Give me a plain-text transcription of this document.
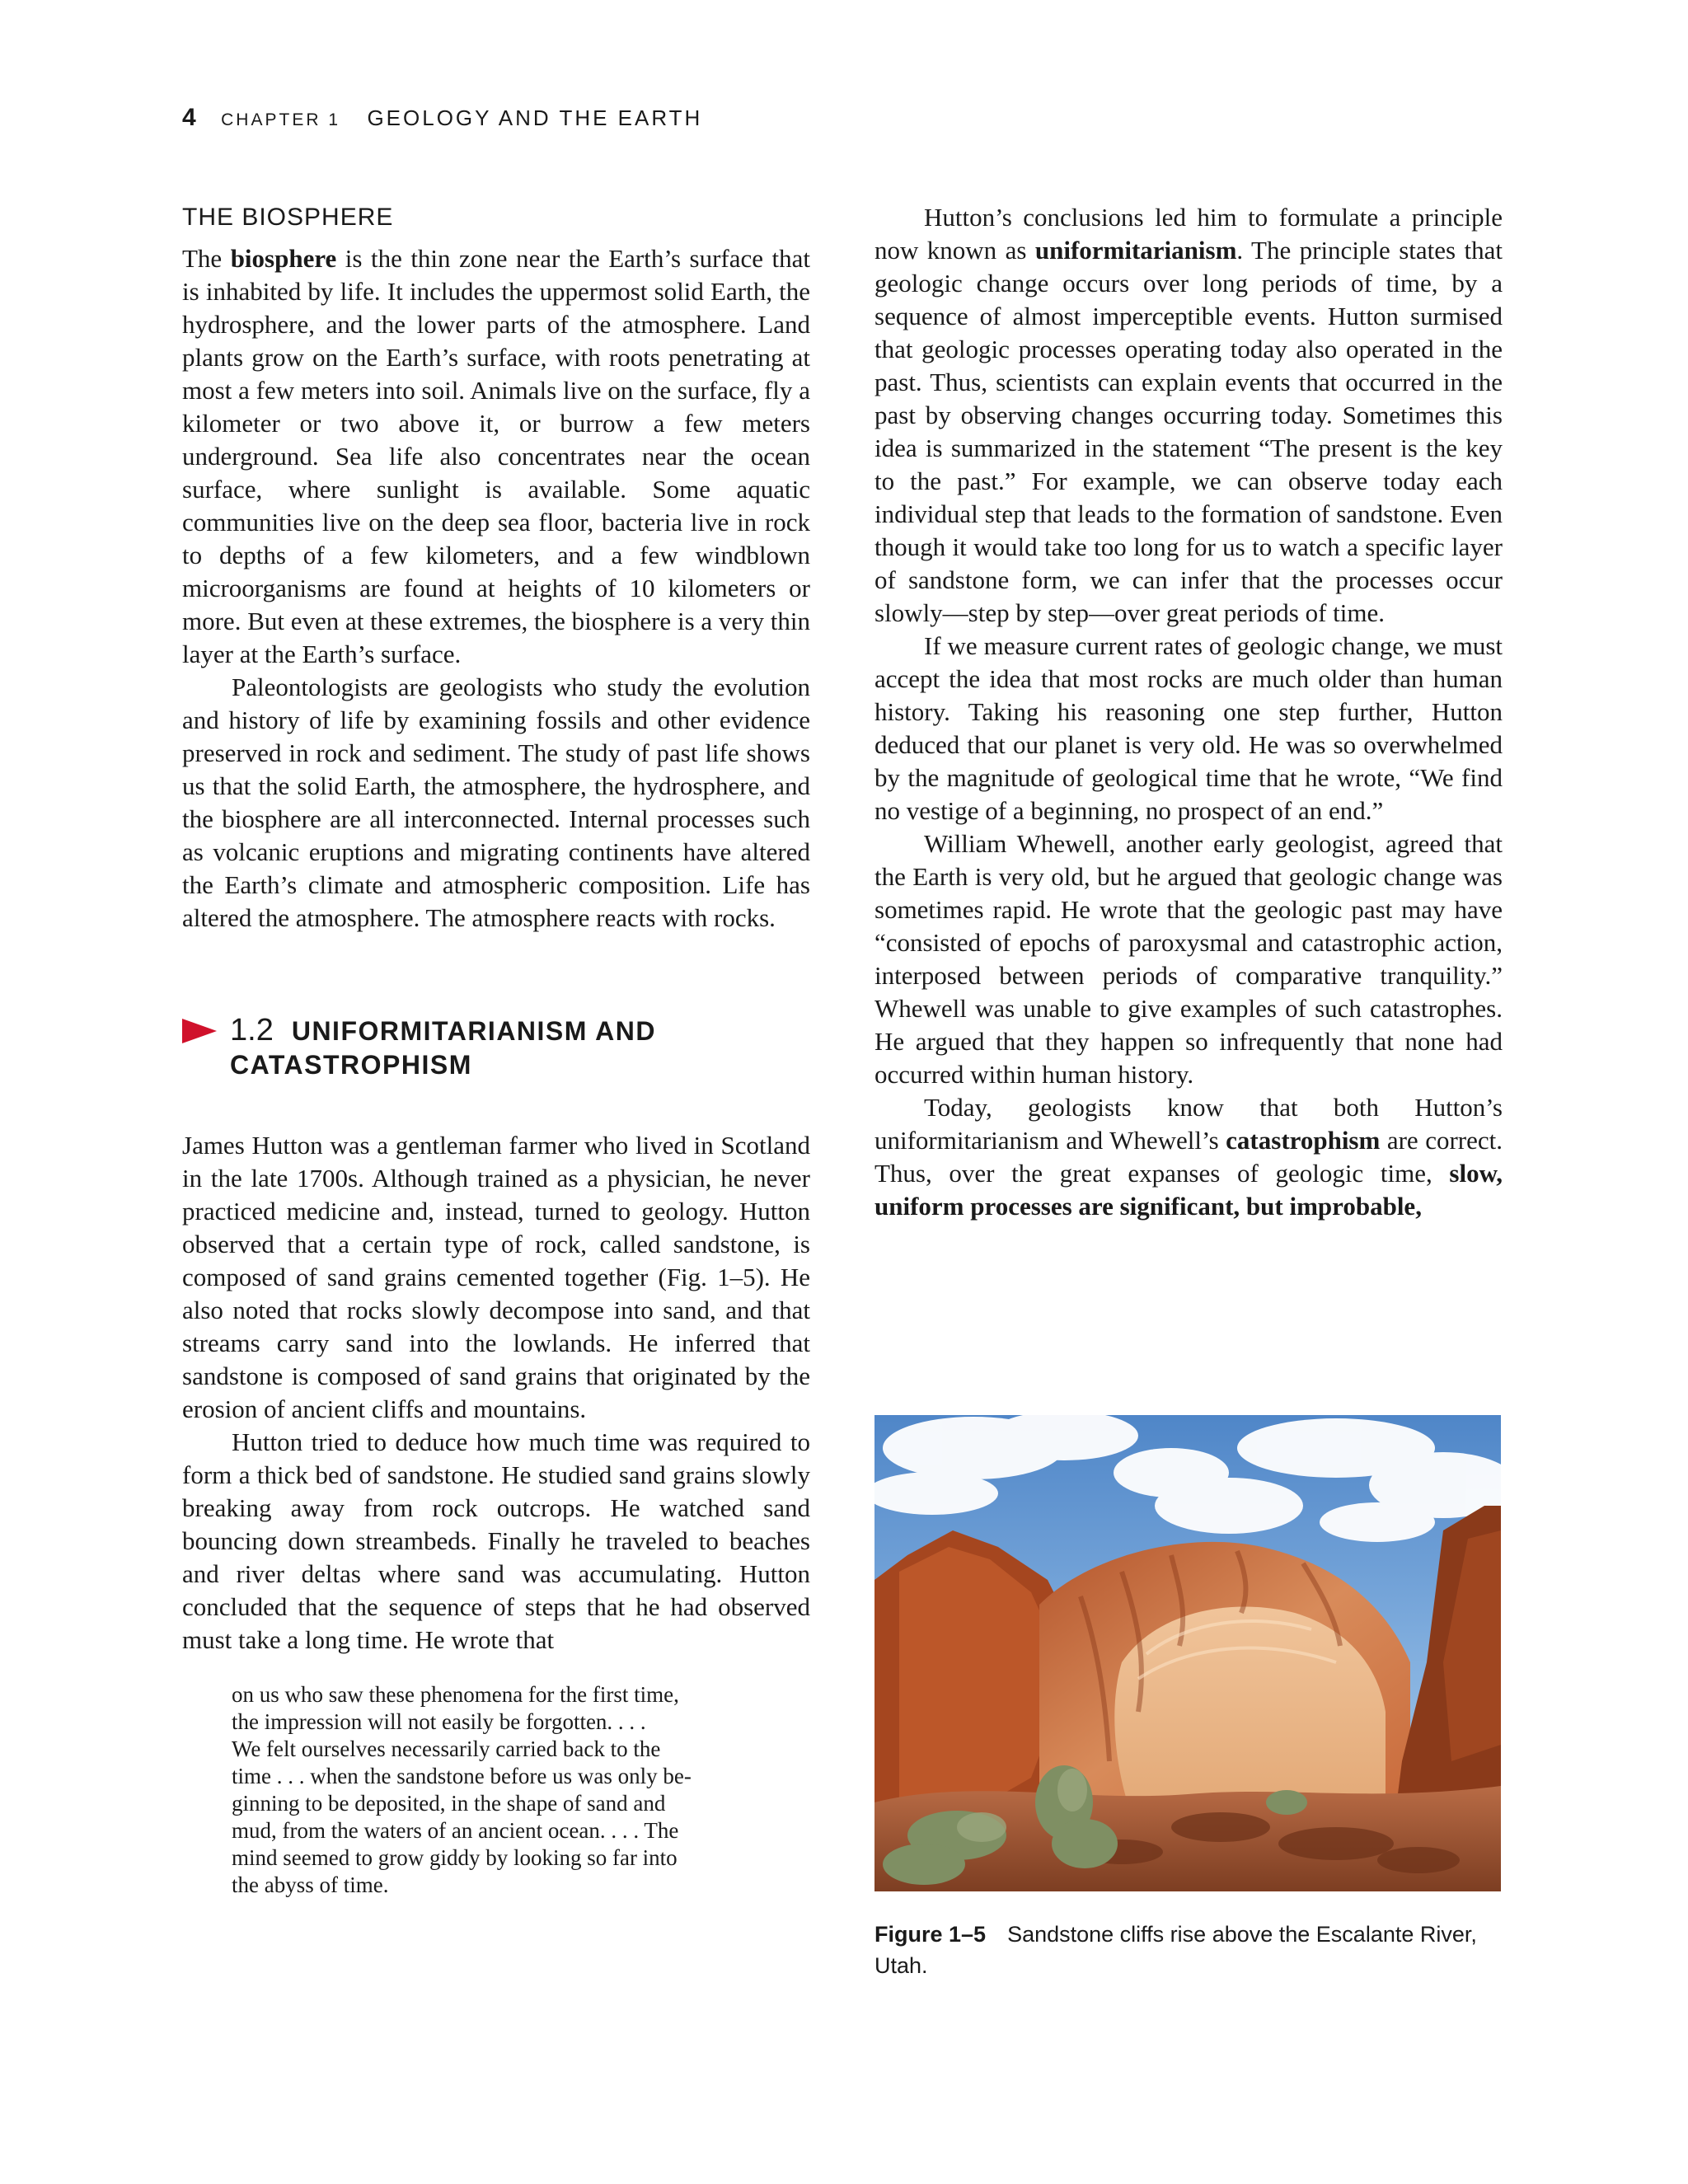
4 CHAPTER 1 GEOLOGY AND THE EARTH
THE BIOSPHERE

The biosphere is the thin zone near the Earth’s surface that is inhabited by life. It includes the uppermost solid Earth, the hydrosphere, and the lower parts of the atmosphere. Land plants grow on the Earth’s surface, with roots penetrating at most a few meters into soil. Animals live on the surface, fly a kilometer or two above it, or burrow a few meters underground. Sea life also concentrates near the ocean surface, where sunlight is available. Some aquatic communities live on the deep sea floor, bacteria live in rock to depths of a few kilometers, and a few windblown microorganisms are found at heights of 10 kilometers or more. But even at these extremes, the biosphere is a very thin layer at the Earth’s surface.

Paleontologists are geologists who study the evolution and history of life by examining fossils and other evidence preserved in rock and sediment. The study of past life shows us that the solid Earth, the atmosphere, the hydrosphere, and the biosphere are all interconnected. Internal processes such as volcanic eruptions and migrating continents have altered the Earth’s climate and atmospheric composition. Life has altered the atmosphere. The atmosphere reacts with rocks.

1.2 UNIFORMITARIANISM AND
CATASTROPHISM

James Hutton was a gentleman farmer who lived in Scotland in the late 1700s. Although trained as a physician, he never practiced medicine and, instead, turned to geology. Hutton observed that a certain type of rock, called sandstone, is composed of sand grains cemented together (Fig. 1–5). He also noted that rocks slowly decompose into sand, and that streams carry sand into the lowlands. He inferred that sandstone is composed of sand grains that originated by the erosion of ancient cliffs and mountains.

Hutton tried to deduce how much time was required to form a thick bed of sandstone. He studied sand grains slowly breaking away from rock outcrops. He watched sand bouncing down streambeds. Finally he traveled to beaches and river deltas where sand was accumulating. Hutton concluded that the sequence of steps that he had observed must take a long time. He wrote that

on us who saw these phenomena for the first time,
the impression will not easily be forgotten. . . .
We felt ourselves necessarily carried back to the
time . . . when the sandstone before us was only be-
ginning to be deposited, in the shape of sand and
mud, from the waters of an ancient ocean. . . . The
mind seemed to grow giddy by looking so far into
the abyss of time.

Hutton’s conclusions led him to formulate a principle now known as uniformitarianism. The principle states that geologic change occurs over long periods of time, by a sequence of almost imperceptible events. Hutton surmised that geologic processes operating today also operated in the past. Thus, scientists can explain events that occurred in the past by observing changes occurring today. Sometimes this idea is summarized in the statement “The present is the key to the past.” For example, we can observe today each individual step that leads to the formation of sandstone. Even though it would take too long for us to watch a specific layer of sandstone form, we can infer that the processes occur slowly—step by step—over great periods of time.

If we measure current rates of geologic change, we must accept the idea that most rocks are much older than human history. Taking his reasoning one step further, Hutton deduced that our planet is very old. He was so overwhelmed by the magnitude of geological time that he wrote, “We find no vestige of a beginning, no prospect of an end.”

William Whewell, another early geologist, agreed that the Earth is very old, but he argued that geologic change was sometimes rapid. He wrote that the geologic past may have “consisted of epochs of paroxysmal and catastrophic action, interposed between periods of comparative tranquility.” Whewell was unable to give examples of such catastrophes. He argued that they happen so infrequently that none had occurred within human history.

Today, geologists know that both Hutton’s uniformitarianism and Whewell’s catastrophism are correct. Thus, over the great expanses of geologic time, slow, uniform processes are significant, but improbable,

Figure 1–5 Sandstone cliffs rise above the Escalante River, Utah.
